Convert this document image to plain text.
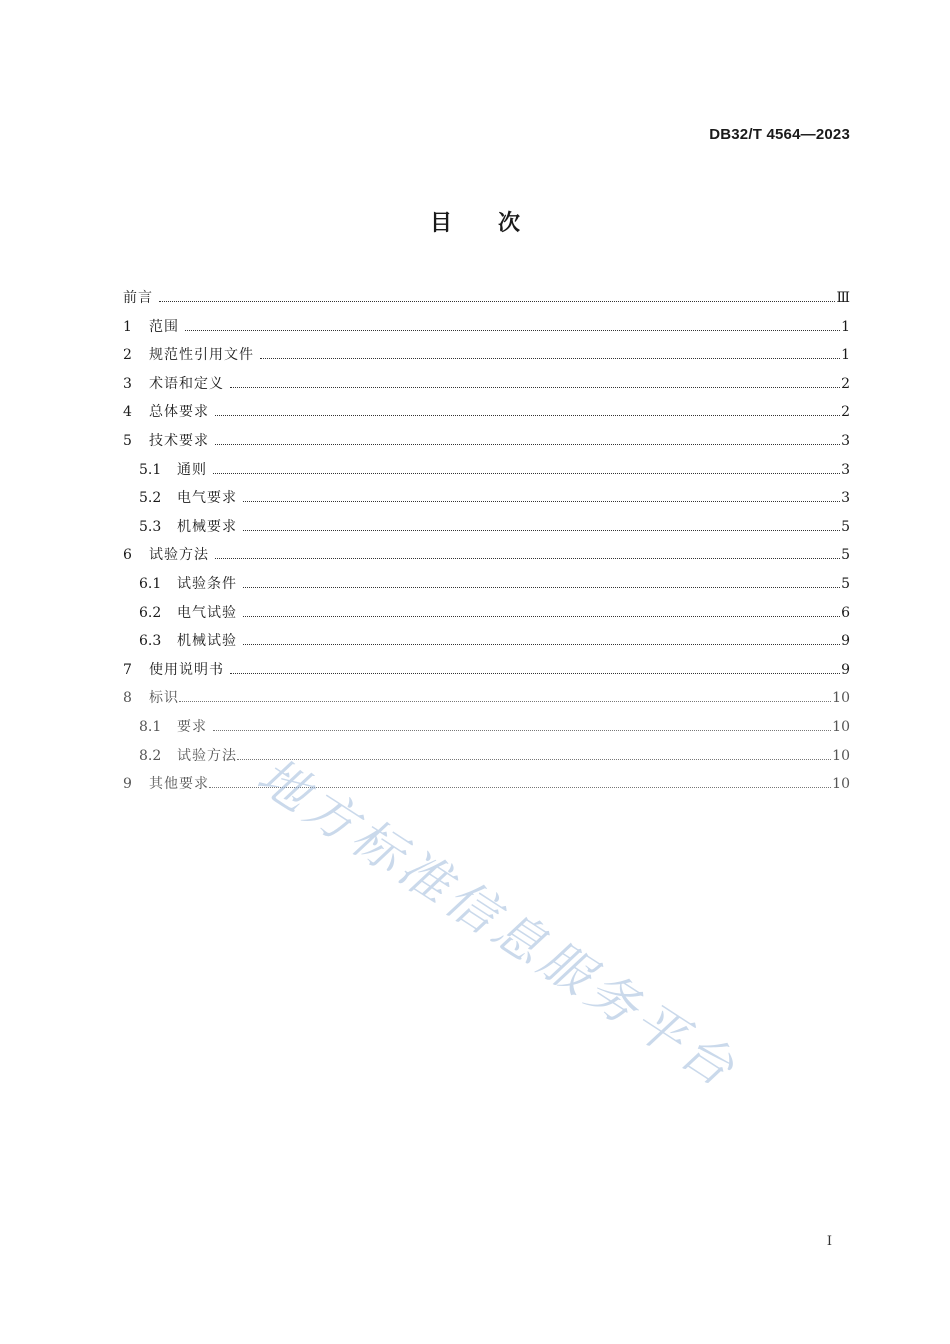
DB32/T 4564—2023
目次
前言	Ⅲ
1	范围	1
2	规范性引用文件	1
3	术语和定义	2
4	总体要求	2
5	技术要求	3
5.1	通则	3
5.2	电气要求	3
5.3	机械要求	5
6	试验方法	5
6.1	试验条件	5
6.2	电气试验	6
6.3	机械试验	9
7	使用说明书	9
8	标识	10
8.1	要求	10
8.2	试验方法	10
9	其他要求	10
地方标准信息服务平台
I
